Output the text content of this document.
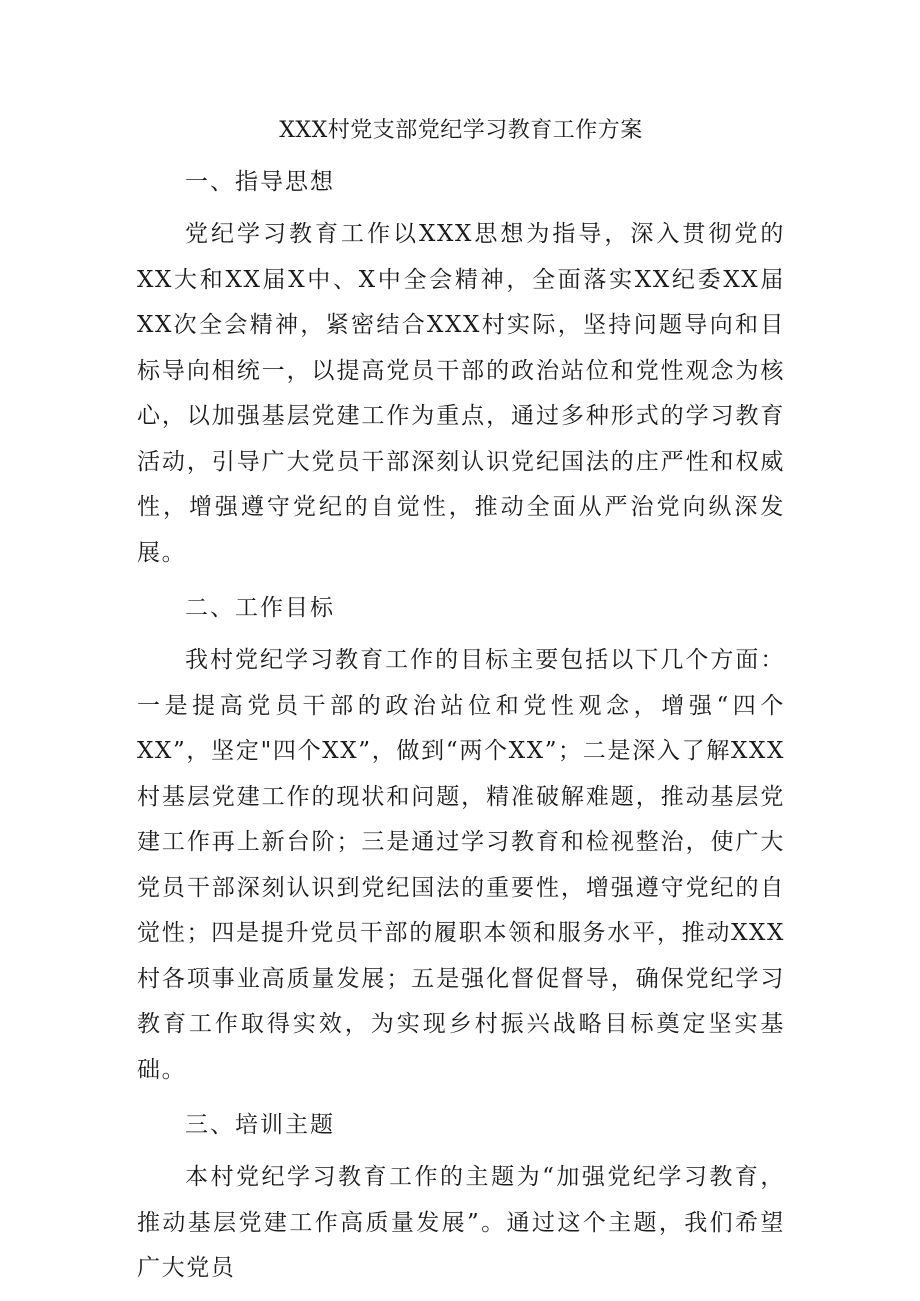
XXX村党支部党纪学习教育工作方案
一、指导思想

党纪学习教育工作以XXX思想为指导，深入贯彻党的XX大和XX届X中、X中全会精神，全面落实XX纪委XX届XX次全会精神，紧密结合XXX村实际，坚持问题导向和目标导向相统一，以提高党员干部的政治站位和党性观念为核心，以加强基层党建工作为重点，通过多种形式的学习教育活动，引导广大党员干部深刻认识党纪国法的庄严性和权威性，增强遵守党纪的自觉性，推动全面从严治党向纵深发展。

二、工作目标

我村党纪学习教育工作的目标主要包括以下几个方面：一是提高党员干部的政治站位和党性观念，增强“四个XX”，坚定"四个XX”，做到“两个XX”；二是深入了解XXX村基层党建工作的现状和问题，精准破解难题，推动基层党建工作再上新台阶；三是通过学习教育和检视整治，使广大党员干部深刻认识到党纪国法的重要性，增强遵守党纪的自觉性；四是提升党员干部的履职本领和服务水平，推动XXX村各项事业高质量发展；五是强化督促督导，确保党纪学习教育工作取得实效，为实现乡村振兴战略目标奠定坚实基础。

三、培训主题

本村党纪学习教育工作的主题为“加强党纪学习教育，推动基层党建工作高质量发展”。通过这个主题，我们希望广大党员
